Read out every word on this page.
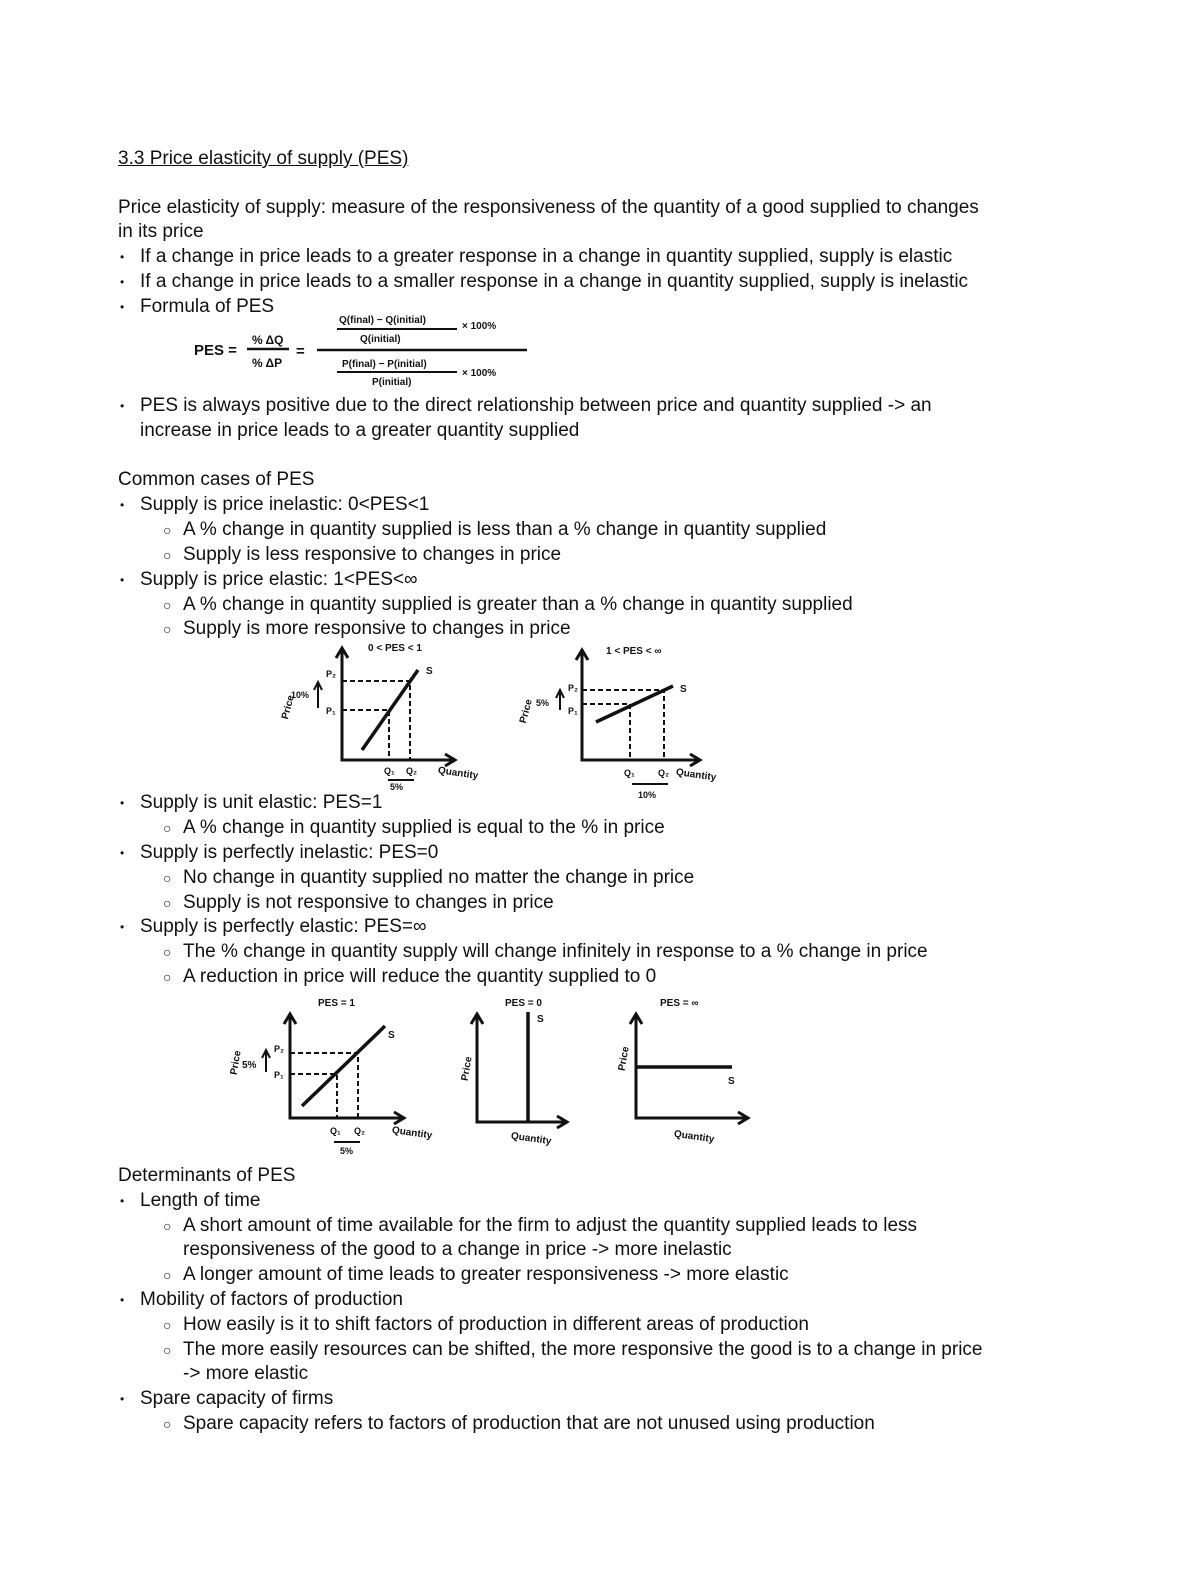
3.3 Price elasticity of supply (PES)
Price elasticity of supply: measure of the responsiveness of the quantity of a good supplied to changes
in its price
• If a change in price leads to a greater response in a change in quantity supplied, supply is elastic
• If a change in price leads to a smaller response in a change in quantity supplied, supply is inelastic
• Formula of PES
PES =
% ΔQ
% ΔP
=
Q(final) − Q(initial)
Q(initial)
× 100%
P(final) − P(initial)
P(initial)
× 100%
• PES is always positive due to the direct relationship between price and quantity supplied -> an
increase in price leads to a greater quantity supplied
Common cases of PES
• Supply is price inelastic: 0<PES<1
○ A % change in quantity supplied is less than a % change in quantity supplied
○ Supply is less responsive to changes in price
• Supply is price elastic: 1<PES<∞
○ A % change in quantity supplied is greater than a % change in quantity supplied
○ Supply is more responsive to changes in price
0 < PES < 1
S
P₂
P₁
10%
Price
Q₁ Q₂
5%
Quantity
1 < PES < ∞
S
P₂
P₁
5%
Price
Q₁	Q₂
10%
Quantity
• Supply is unit elastic: PES=1
○ A % change in quantity supplied is equal to the % in price
• Supply is perfectly inelastic: PES=0
○ No change in quantity supplied no matter the change in price
○ Supply is not responsive to changes in price
• Supply is perfectly elastic: PES=∞
○ The % change in quantity supply will change infinitely in response to a % change in price
○ A reduction in price will reduce the quantity supplied to 0
PES = 1
S
P₂
P₁
5%
Price
Q₁ Q₂
5%
Quantity
PES = 0
S
Price
Quantity
PES = ∞
S
Price
Quantity
Determinants of PES
• Length of time
○ A short amount of time available for the firm to adjust the quantity supplied leads to less
responsiveness of the good to a change in price -> more inelastic
○ A longer amount of time leads to greater responsiveness -> more elastic
• Mobility of factors of production
○ How easily is it to shift factors of production in different areas of production
○ The more easily resources can be shifted, the more responsive the good is to a change in price
-> more elastic
• Spare capacity of firms
○ Spare capacity refers to factors of production that are not unused using production
